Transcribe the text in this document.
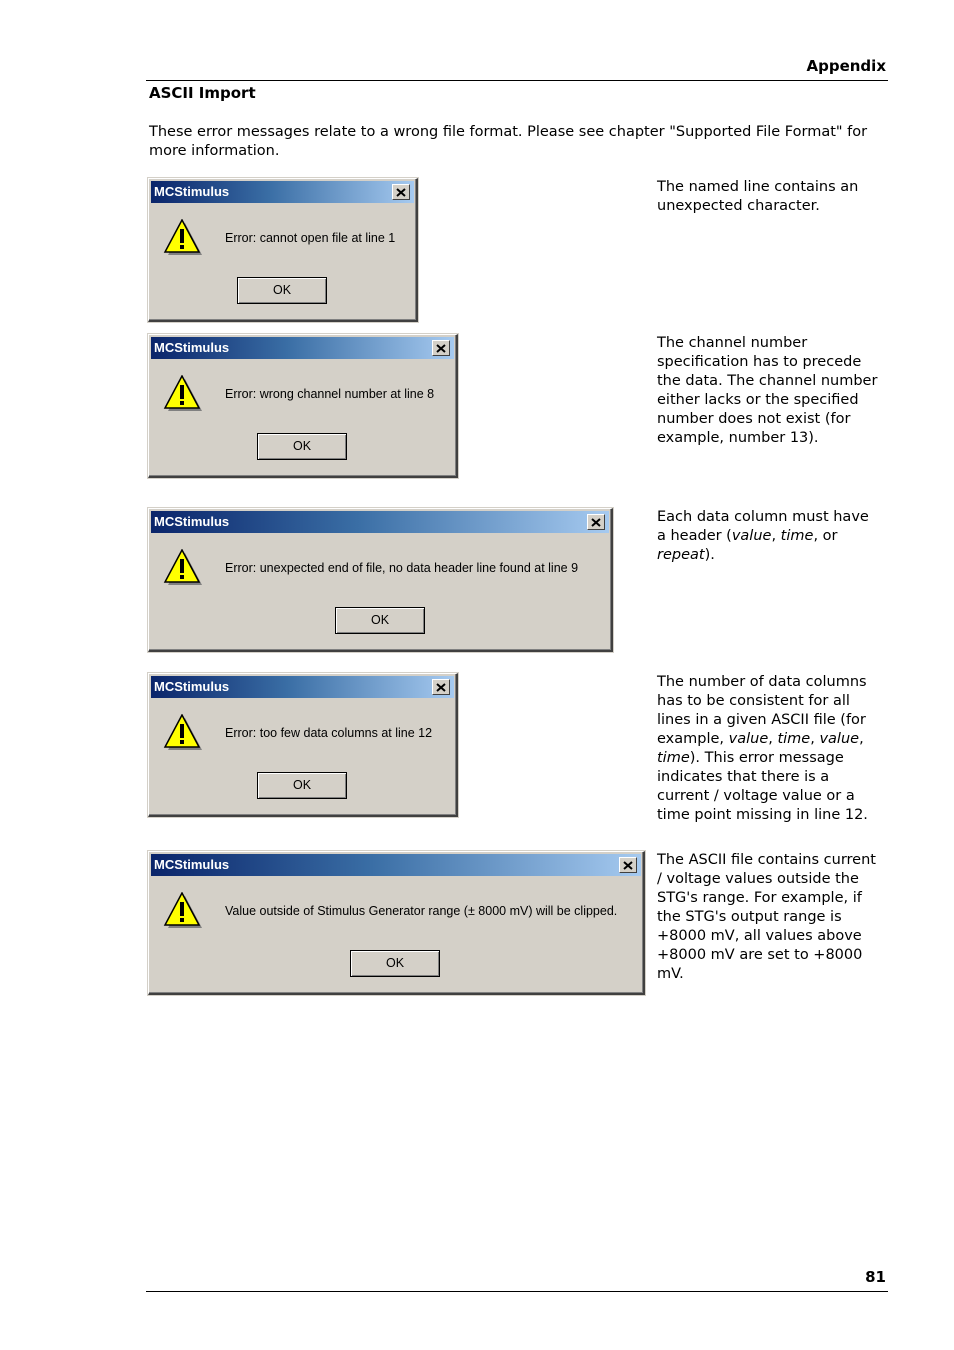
Appendix
ASCII Import
These error messages relate to a wrong file format. Please see chapter "Supported File Format" for more information.
MCStimulus
Error: cannot open file at line 1
OK
The named line contains an unexpected character.
MCStimulus
Error: wrong channel number at line 8
OK
The channel number specification has to precede the data. The channel number either lacks or the specified number does not exist (for example, number 13).
MCStimulus
Error: unexpected end of file, no data header line found at line 9
OK
Each data column must have a header (value, time, or repeat).
MCStimulus
Error: too few data columns at line 12
OK
The number of data columns has to be consistent for all lines in a given ASCII file (for example, value, time, value, time). This error message indicates that there is a current / voltage value or a time point missing in line 12.
MCStimulus
Value outside of Stimulus Generator range (± 8000 mV) will be clipped.
OK
The ASCII file contains current / voltage values outside the STG's range. For example, if the STG's output range is +8000 mV, all values above +8000 mV are set to +8000 mV.
81
